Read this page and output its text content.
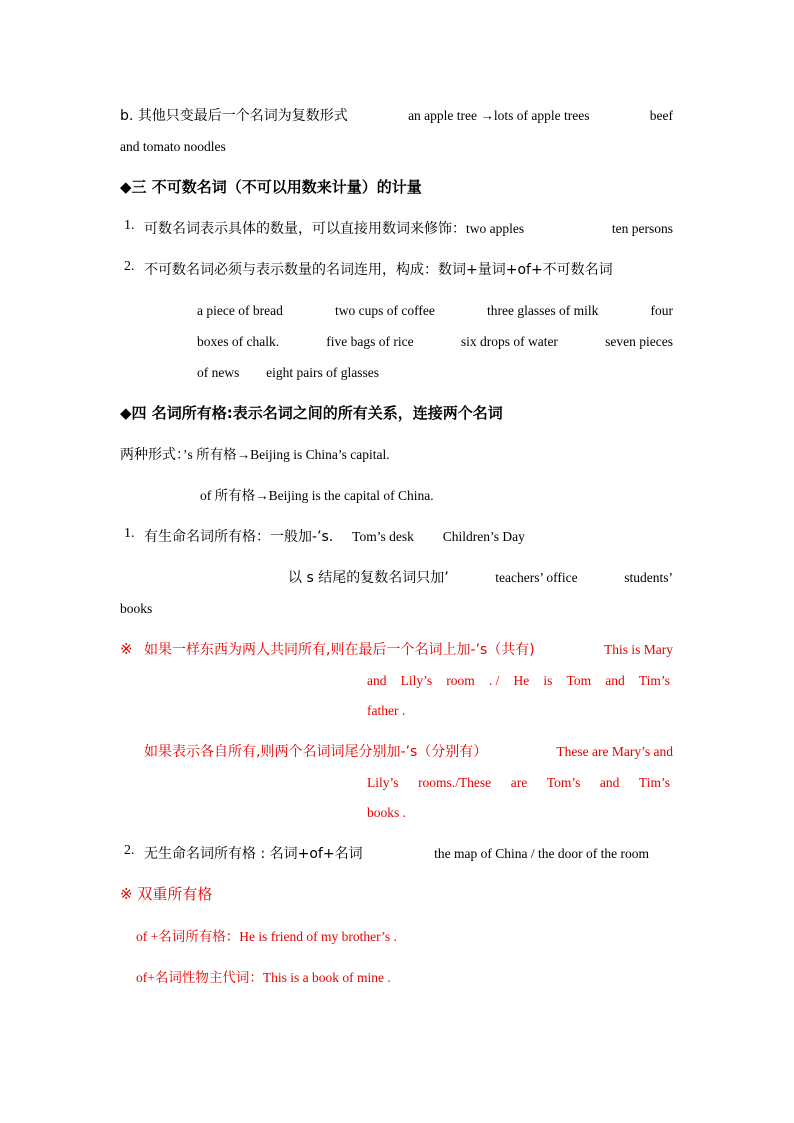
b. 其他只变最后一个名词为复数形式	an apple tree →lots of apple trees	beef
and tomato noodles
◆三 不可数名词（不可以用数来计量）的计量
1. 可数名词表示具体的数量，可以直接用数词来修饰：two apples	ten persons
2. 不可数名词必须与表示数量的名词连用，构成：数词+量词+of+不可数名词
a piece of bread	two cups of coffee	three glasses of milk	four
boxes of chalk.	five bags of rice	six drops of water	seven pieces
of news eight pairs of glasses
◆四 名词所有格:表示名词之间的所有关系，连接两个名词
两种形式：’s 所有格→Beijing is China’s capital.
of 所有格→Beijing is the capital of China.
1. 有生命名词所有格：一般加-’s. Tom’s desk Children’s Day
以 s 结尾的复数名词只加’	teachers’ office	students’
books
※ 如果一样东西为两人共同所有,则在最后一个名词上加-’s（共有)	This is Mary
and Lily’s room . / He is Tom and Tim’s
father .
如果表示各自所有,则两个名词词尾分别加-’s（分别有）	These are Mary’s and
Lily’s rooms./These are Tom’s and Tim’s
books .
2. 无生命名词所有格 : 名词+of+名词	the map of China / the door of the room
※ 双重所有格
of +名词所有格：He is friend of my brother’s .
of+名词性物主代词：This is a book of mine .
